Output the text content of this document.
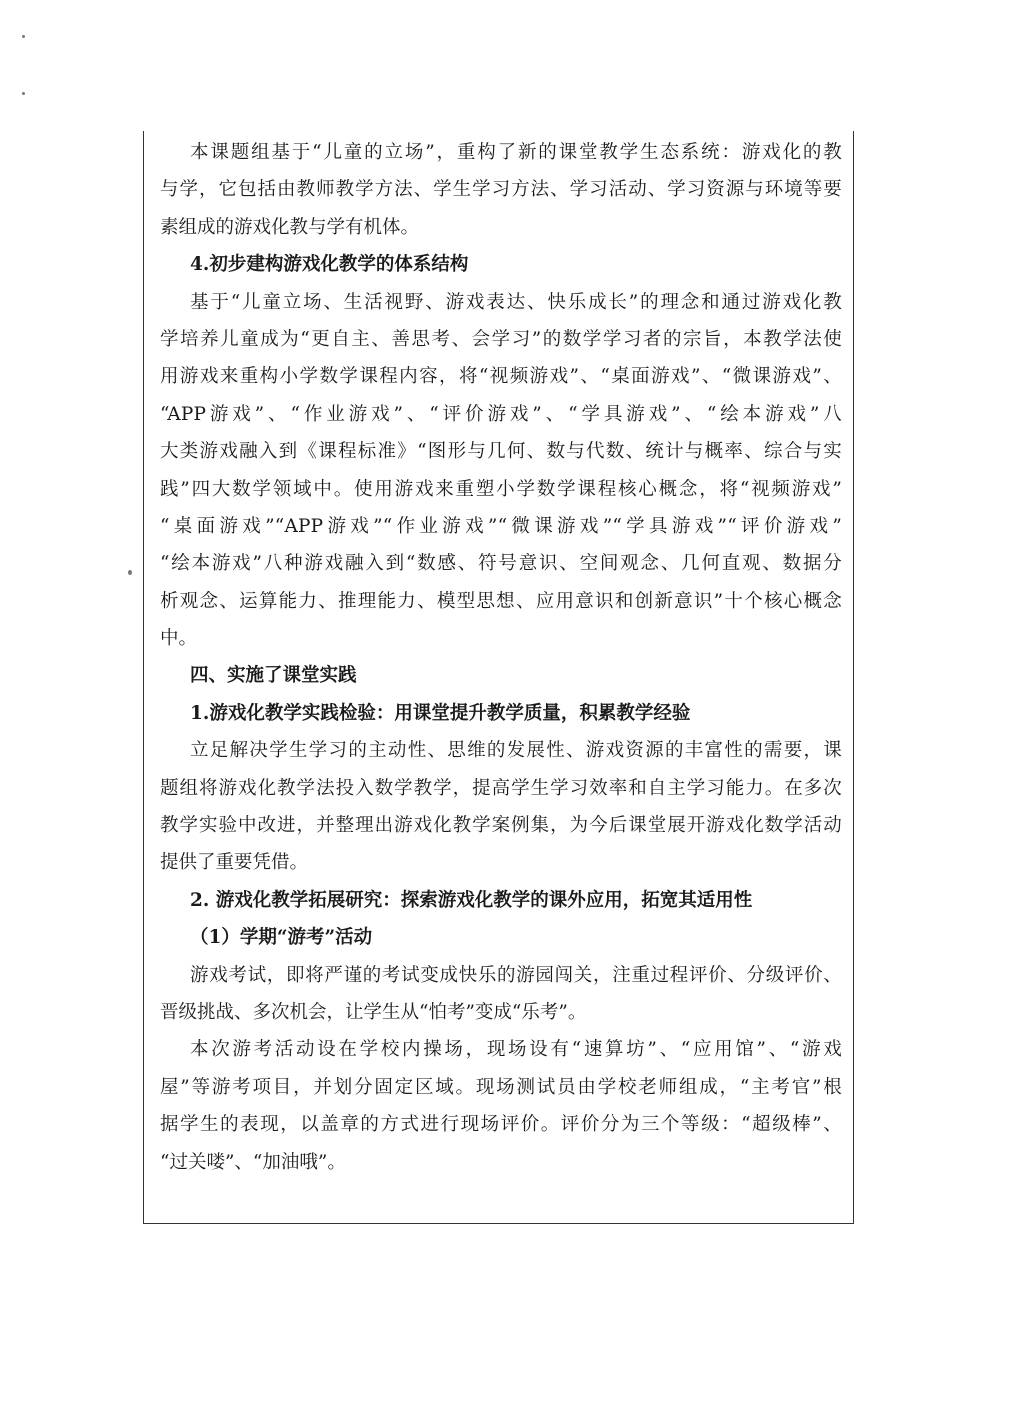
本课题组基于“儿童的立场”，重构了新的课堂教学生态系统：游戏化的教
与学，它包括由教师教学方法、学生学习方法、学习活动、学习资源与环境等要
素组成的游戏化教与学有机体。
4.初步建构游戏化教学的体系结构
基于“儿童立场、生活视野、游戏表达、快乐成长”的理念和通过游戏化教
学培养儿童成为“更自主、善思考、会学习”的数学学习者的宗旨，本教学法使
用游戏来重构小学数学课程内容，将“视频游戏”、“桌面游戏”、“微课游戏”、
“APP游戏”、“作业游戏”、“评价游戏”、“学具游戏”、“绘本游戏”八
大类游戏融入到《课程标准》“图形与几何、数与代数、统计与概率、综合与实
践”四大数学领域中。使用游戏来重塑小学数学课程核心概念，将“视频游戏”
“桌面游戏”“APP游戏”“作业游戏”“微课游戏”“学具游戏”“评价游戏”
“绘本游戏”八种游戏融入到“数感、符号意识、空间观念、几何直观、数据分
析观念、运算能力、推理能力、模型思想、应用意识和创新意识”十个核心概念
中。
四、实施了课堂实践
1.游戏化教学实践检验：用课堂提升教学质量，积累教学经验
立足解决学生学习的主动性、思维的发展性、游戏资源的丰富性的需要，课
题组将游戏化教学法投入数学教学，提高学生学习效率和自主学习能力。在多次
教学实验中改进，并整理出游戏化教学案例集，为今后课堂展开游戏化数学活动
提供了重要凭借。
2. 游戏化教学拓展研究：探索游戏化教学的课外应用，拓宽其适用性
（1）学期“游考”活动
游戏考试，即将严谨的考试变成快乐的游园闯关，注重过程评价、分级评价、
晋级挑战、多次机会，让学生从“怕考”变成“乐考”。
本次游考活动设在学校内操场，现场设有“速算坊”、“应用馆”、“游戏
屋”等游考项目，并划分固定区域。现场测试员由学校老师组成，“主考官”根
据学生的表现，以盖章的方式进行现场评价。评价分为三个等级：“超级棒”、
“过关喽”、“加油哦”。
